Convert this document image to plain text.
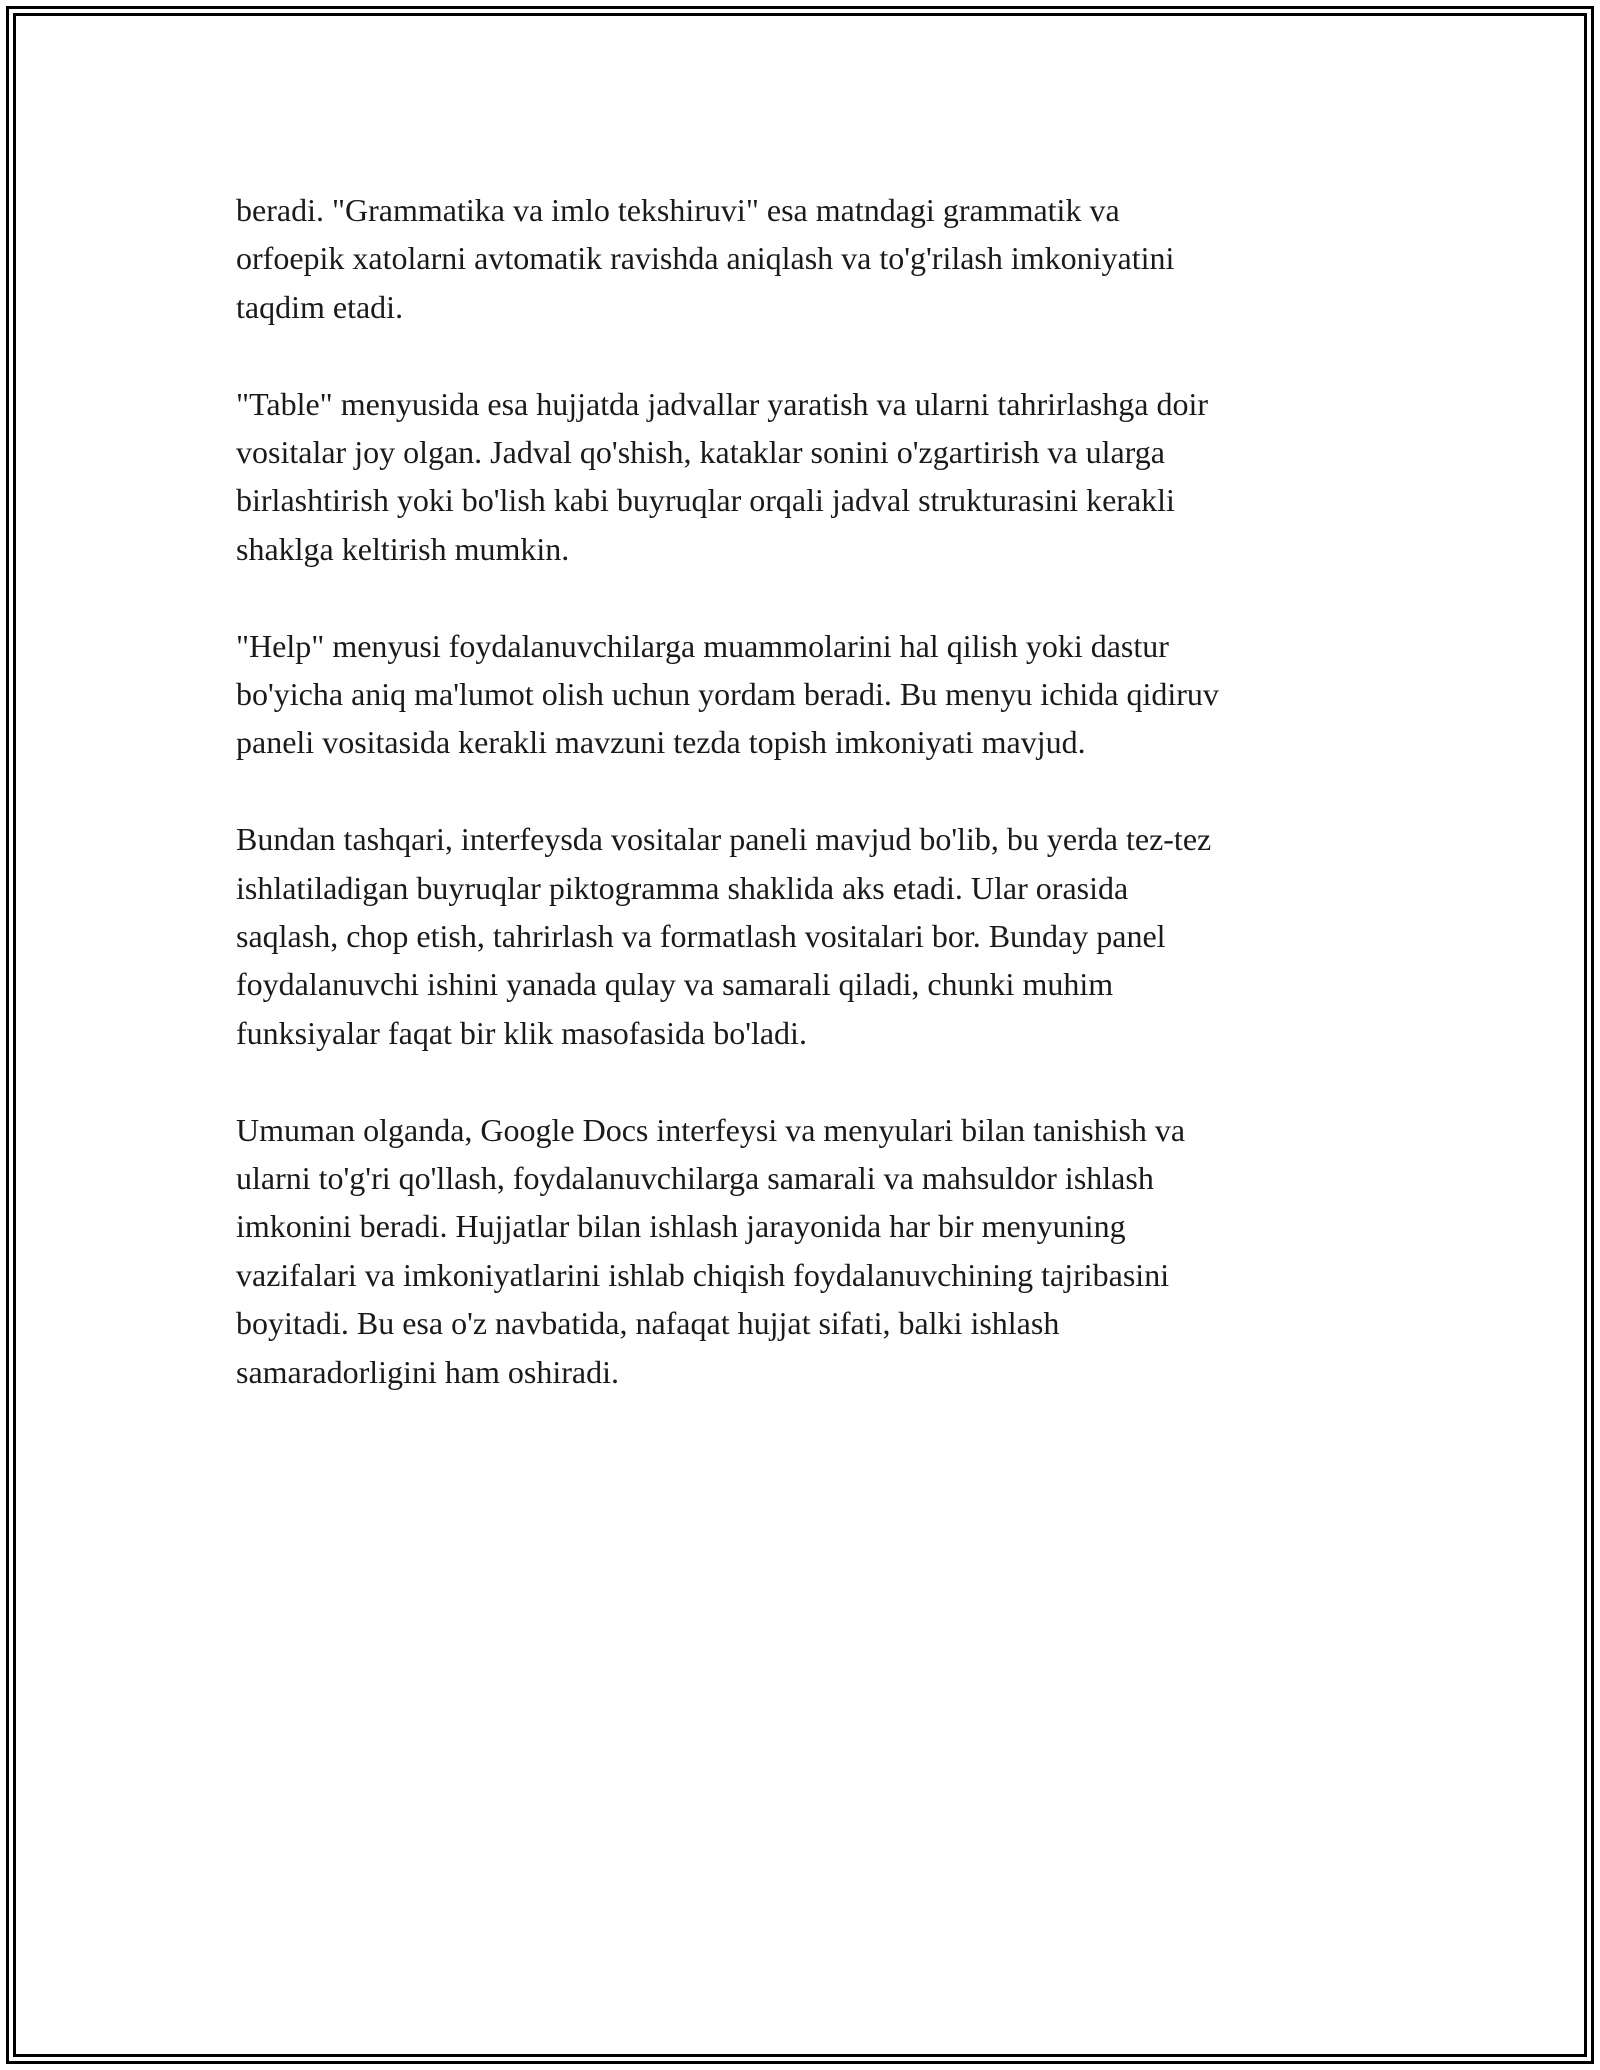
beradi. "Grammatika va imlo tekshiruvi" esa matndagi grammatik va
orfoepik xatolarni avtomatik ravishda aniqlash va to'g'rilash imkoniyatini
taqdim etadi.

"Table" menyusida esa hujjatda jadvallar yaratish va ularni tahrirlashga doir
vositalar joy olgan. Jadval qo'shish, kataklar sonini o'zgartirish va ularga
birlashtirish yoki bo'lish kabi buyruqlar orqali jadval strukturasini kerakli
shaklga keltirish mumkin.

"Help" menyusi foydalanuvchilarga muammolarini hal qilish yoki dastur
bo'yicha aniq ma'lumot olish uchun yordam beradi. Bu menyu ichida qidiruv
paneli vositasida kerakli mavzuni tezda topish imkoniyati mavjud.

Bundan tashqari, interfeysda vositalar paneli mavjud bo'lib, bu yerda tez-tez
ishlatiladigan buyruqlar piktogramma shaklida aks etadi. Ular orasida
saqlash, chop etish, tahrirlash va formatlash vositalari bor. Bunday panel
foydalanuvchi ishini yanada qulay va samarali qiladi, chunki muhim
funksiyalar faqat bir klik masofasida bo'ladi.

Umuman olganda, Google Docs interfeysi va menyulari bilan tanishish va
ularni to'g'ri qo'llash, foydalanuvchilarga samarali va mahsuldor ishlash
imkonini beradi. Hujjatlar bilan ishlash jarayonida har bir menyuning
vazifalari va imkoniyatlarini ishlab chiqish foydalanuvchining tajribasini
boyitadi. Bu esa o'z navbatida, nafaqat hujjat sifati, balki ishlash
samaradorligini ham oshiradi.
